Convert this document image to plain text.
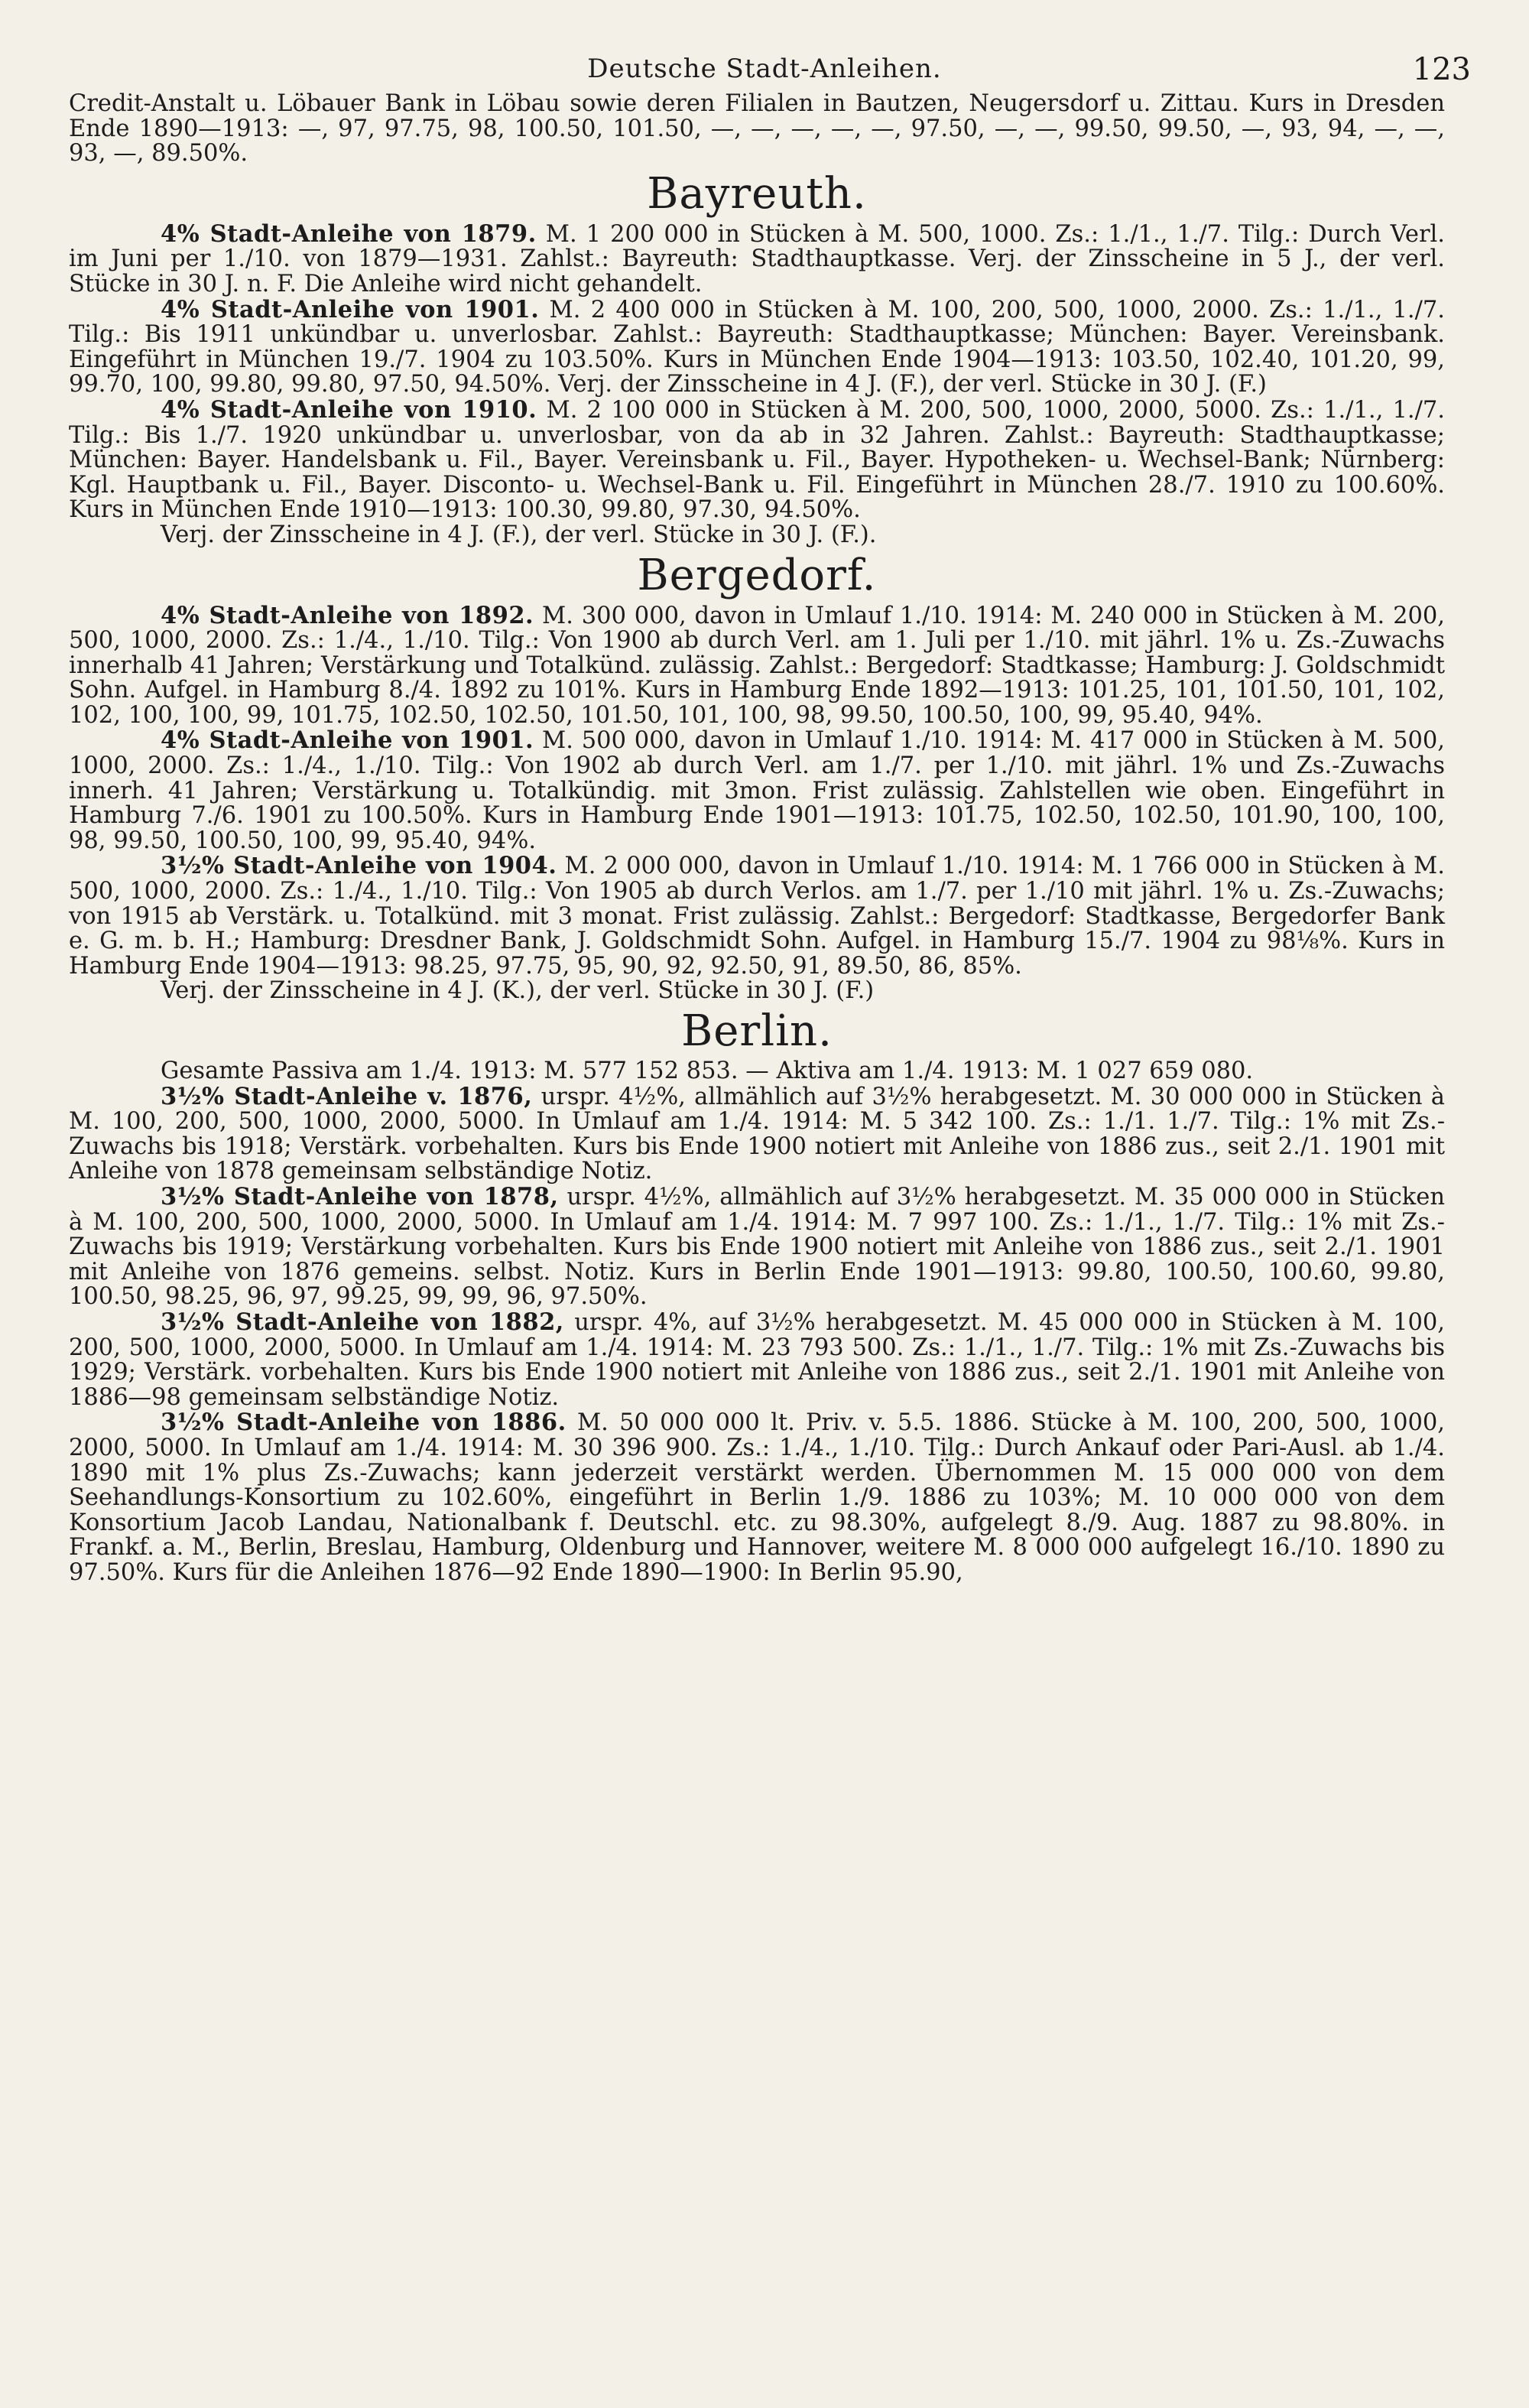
Deutsche Stadt-Anleihen.	123

Credit-Anstalt u. Löbauer Bank in Löbau sowie deren Filialen in Bautzen, Neugersdorf u. Zittau. Kurs in Dresden Ende 1890—1913: —, 97, 97.75, 98, 100.50, 101.50, —, —, —, —, —, 97.50, —, —, 99.50, 99.50, —, 93, 94, —, —, 93, —, 89.50%.

Bayreuth.

4% Stadt-Anleihe von 1879. M. 1 200 000 in Stücken à M. 500, 1000. Zs.: 1./1., 1./7. Tilg.: Durch Verl. im Juni per 1./10. von 1879—1931. Zahlst.: Bayreuth: Stadthauptkasse. Verj. der Zinsscheine in 5 J., der verl. Stücke in 30 J. n. F. Die Anleihe wird nicht gehandelt.

4% Stadt-Anleihe von 1901. M. 2 400 000 in Stücken à M. 100, 200, 500, 1000, 2000. Zs.: 1./1., 1./7. Tilg.: Bis 1911 unkündbar u. unverlosbar. Zahlst.: Bayreuth: Stadthauptkasse; München: Bayer. Vereinsbank. Eingeführt in München 19./7. 1904 zu 103.50%. Kurs in München Ende 1904—1913: 103.50, 102.40, 101.20, 99, 99.70, 100, 99.80, 99.80, 97.50, 94.50%. Verj. der Zinsscheine in 4 J. (F.), der verl. Stücke in 30 J. (F.)

4% Stadt-Anleihe von 1910. M. 2 100 000 in Stücken à M. 200, 500, 1000, 2000, 5000. Zs.: 1./1., 1./7. Tilg.: Bis 1./7. 1920 unkündbar u. unverlosbar, von da ab in 32 Jahren. Zahlst.: Bayreuth: Stadthauptkasse; München: Bayer. Handelsbank u. Fil., Bayer. Vereinsbank u. Fil., Bayer. Hypotheken- u. Wechsel-Bank; Nürnberg: Kgl. Hauptbank u. Fil., Bayer. Disconto- u. Wechsel-Bank u. Fil. Eingeführt in München 28./7. 1910 zu 100.60%. Kurs in München Ende 1910—1913: 100.30, 99.80, 97.30, 94.50%.

Verj. der Zinsscheine in 4 J. (F.), der verl. Stücke in 30 J. (F.).

Bergedorf.

4% Stadt-Anleihe von 1892. M. 300 000, davon in Umlauf 1./10. 1914: M. 240 000 in Stücken à M. 200, 500, 1000, 2000. Zs.: 1./4., 1./10. Tilg.: Von 1900 ab durch Verl. am 1. Juli per 1./10. mit jährl. 1% u. Zs.-Zuwachs innerhalb 41 Jahren; Verstärkung und Totalkünd. zulässig. Zahlst.: Bergedorf: Stadtkasse; Hamburg: J. Goldschmidt Sohn. Aufgel. in Hamburg 8./4. 1892 zu 101%. Kurs in Hamburg Ende 1892—1913: 101.25, 101, 101.50, 101, 102, 102, 100, 100, 99, 101.75, 102.50, 102.50, 101.50, 101, 100, 98, 99.50, 100.50, 100, 99, 95.40, 94%.

4% Stadt-Anleihe von 1901. M. 500 000, davon in Umlauf 1./10. 1914: M. 417 000 in Stücken à M. 500, 1000, 2000. Zs.: 1./4., 1./10. Tilg.: Von 1902 ab durch Verl. am 1./7. per 1./10. mit jährl. 1% und Zs.-Zuwachs innerh. 41 Jahren; Verstärkung u. Totalkündig. mit 3mon. Frist zulässig. Zahlstellen wie oben. Eingeführt in Hamburg 7./6. 1901 zu 100.50%. Kurs in Hamburg Ende 1901—1913: 101.75, 102.50, 102.50, 101.90, 100, 100, 98, 99.50, 100.50, 100, 99, 95.40, 94%.

3½% Stadt-Anleihe von 1904. M. 2 000 000, davon in Umlauf 1./10. 1914: M. 1 766 000 in Stücken à M. 500, 1000, 2000. Zs.: 1./4., 1./10. Tilg.: Von 1905 ab durch Verlos. am 1./7. per 1./10 mit jährl. 1% u. Zs.-Zuwachs; von 1915 ab Verstärk. u. Totalkünd. mit 3 monat. Frist zulässig. Zahlst.: Bergedorf: Stadtkasse, Bergedorfer Bank e. G. m. b. H.; Hamburg: Dresdner Bank, J. Goldschmidt Sohn. Aufgel. in Hamburg 15./7. 1904 zu 98⅛%. Kurs in Hamburg Ende 1904—1913: 98.25, 97.75, 95, 90, 92, 92.50, 91, 89.50, 86, 85%.

Verj. der Zinsscheine in 4 J. (K.), der verl. Stücke in 30 J. (F.)

Berlin.

Gesamte Passiva am 1./4. 1913: M. 577 152 853. — Aktiva am 1./4. 1913: M. 1 027 659 080.

3½% Stadt-Anleihe v. 1876, urspr. 4½%, allmählich auf 3½% herabgesetzt. M. 30 000 000 in Stücken à M. 100, 200, 500, 1000, 2000, 5000. In Umlauf am 1./4. 1914: M. 5 342 100. Zs.: 1./1. 1./7. Tilg.: 1% mit Zs.-Zuwachs bis 1918; Verstärk. vorbehalten. Kurs bis Ende 1900 notiert mit Anleihe von 1886 zus., seit 2./1. 1901 mit Anleihe von 1878 gemeinsam selbständige Notiz.

3½% Stadt-Anleihe von 1878, urspr. 4½%, allmählich auf 3½% herabgesetzt. M. 35 000 000 in Stücken à M. 100, 200, 500, 1000, 2000, 5000. In Umlauf am 1./4. 1914: M. 7 997 100. Zs.: 1./1., 1./7. Tilg.: 1% mit Zs.-Zuwachs bis 1919; Verstärkung vorbehalten. Kurs bis Ende 1900 notiert mit Anleihe von 1886 zus., seit 2./1. 1901 mit Anleihe von 1876 gemeins. selbst. Notiz. Kurs in Berlin Ende 1901—1913: 99.80, 100.50, 100.60, 99.80, 100.50, 98.25, 96, 97, 99.25, 99, 99, 96, 97.50%.

3½% Stadt-Anleihe von 1882, urspr. 4%, auf 3½% herabgesetzt. M. 45 000 000 in Stücken à M. 100, 200, 500, 1000, 2000, 5000. In Umlauf am 1./4. 1914: M. 23 793 500. Zs.: 1./1., 1./7. Tilg.: 1% mit Zs.-Zuwachs bis 1929; Verstärk. vorbehalten. Kurs bis Ende 1900 notiert mit Anleihe von 1886 zus., seit 2./1. 1901 mit Anleihe von 1886—98 gemeinsam selbständige Notiz.

3½% Stadt-Anleihe von 1886. M. 50 000 000 lt. Priv. v. 5.5. 1886. Stücke à M. 100, 200, 500, 1000, 2000, 5000. In Umlauf am 1./4. 1914: M. 30 396 900. Zs.: 1./4., 1./10. Tilg.: Durch Ankauf oder Pari-Ausl. ab 1./4. 1890 mit 1% plus Zs.-Zuwachs; kann jederzeit verstärkt werden. Übernommen M. 15 000 000 von dem Seehandlungs-Konsortium zu 102.60%, eingeführt in Berlin 1./9. 1886 zu 103%; M. 10 000 000 von dem Konsortium Jacob Landau, Nationalbank f. Deutschl. etc. zu 98.30%, aufgelegt 8./9. Aug. 1887 zu 98.80%. in Frankf. a. M., Berlin, Breslau, Hamburg, Oldenburg und Hannover, weitere M. 8 000 000 aufgelegt 16./10. 1890 zu 97.50%. Kurs für die Anleihen 1876—92 Ende 1890—1900: In Berlin 95.90,
